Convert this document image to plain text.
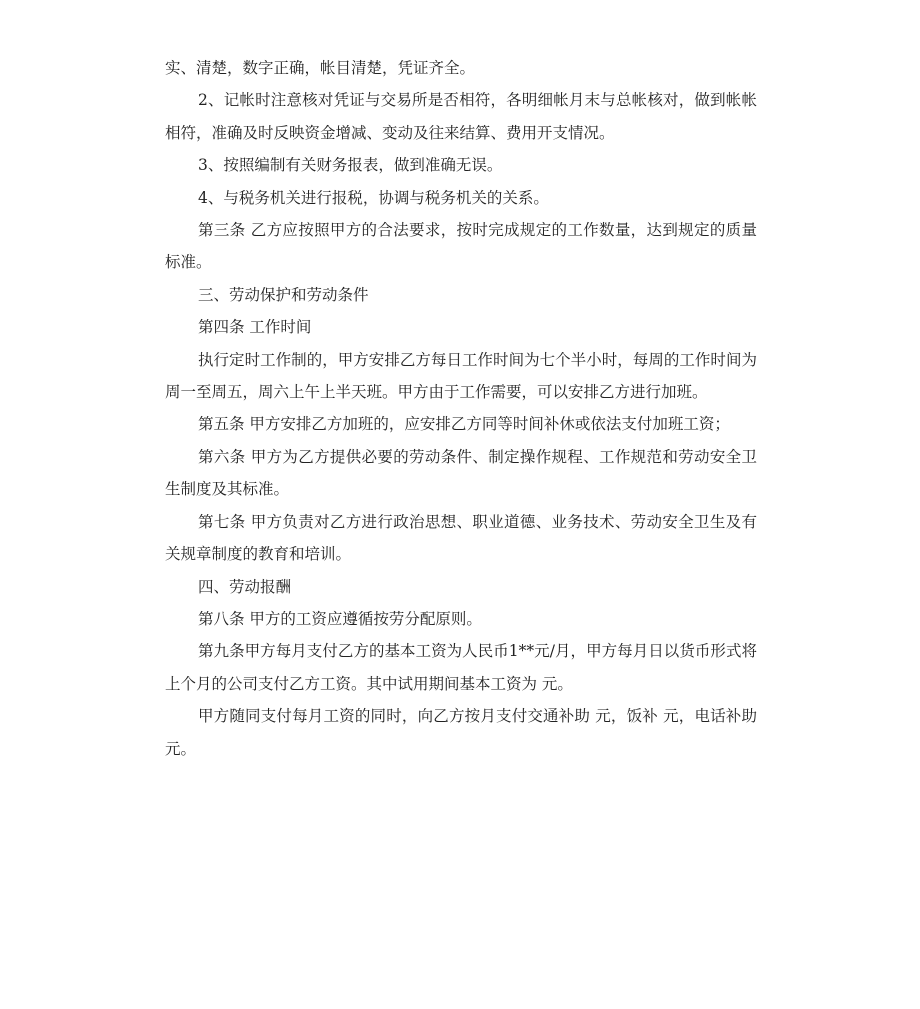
实、清楚，数字正确，帐目清楚，凭证齐全。

2、记帐时注意核对凭证与交易所是否相符，各明细帐月末与总帐核对，做到帐帐相符，准确及时反映资金增减、变动及往来结算、费用开支情况。

3、按照编制有关财务报表，做到准确无误。

4、与税务机关进行报税，协调与税务机关的关系。

第三条 乙方应按照甲方的合法要求，按时完成规定的工作数量，达到规定的质量标准。

三、劳动保护和劳动条件

第四条 工作时间

执行定时工作制的，甲方安排乙方每日工作时间为七个半小时，每周的工作时间为周一至周五，周六上午上半天班。甲方由于工作需要，可以安排乙方进行加班。

第五条 甲方安排乙方加班的，应安排乙方同等时间补休或依法支付加班工资；

第六条 甲方为乙方提供必要的劳动条件、制定操作规程、工作规范和劳动安全卫生制度及其标准。

第七条 甲方负责对乙方进行政治思想、职业道德、业务技术、劳动安全卫生及有关规章制度的教育和培训。

四、劳动报酬

第八条 甲方的工资应遵循按劳分配原则。

第九条甲方每月支付乙方的基本工资为人民币1**元/月，甲方每月日以货币形式将上个月的公司支付乙方工资。其中试用期间基本工资为 元。

甲方随同支付每月工资的同时，向乙方按月支付交通补助 元，饭补 元，电话补助 元。
